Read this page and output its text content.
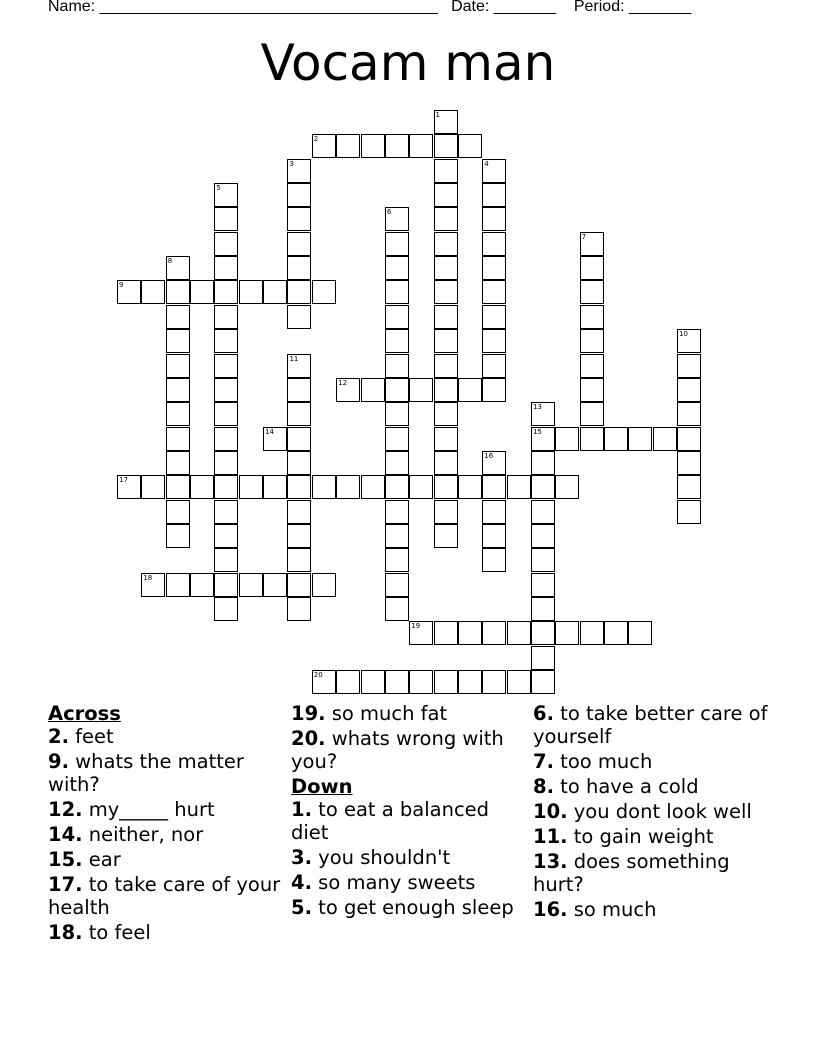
Name: ______________________________________ Date: _______ Period: _______
Vocam man
1
2
3	4
5
6
7
8
9
10
11
12
13
14	15
16
17
18
19
20
Across
2. feet
9. whats the matter with?
12. my_____ hurt
14. neither, nor
15. ear
17. to take care of your health
18. to feel
19. so much fat
20. whats wrong with you?
Down
1. to eat a balanced diet
3. you shouldn't
4. so many sweets
5. to get enough sleep
6. to take better care of yourself
7. too much
8. to have a cold
10. you dont look well
11. to gain weight
13. does something hurt?
16. so much
